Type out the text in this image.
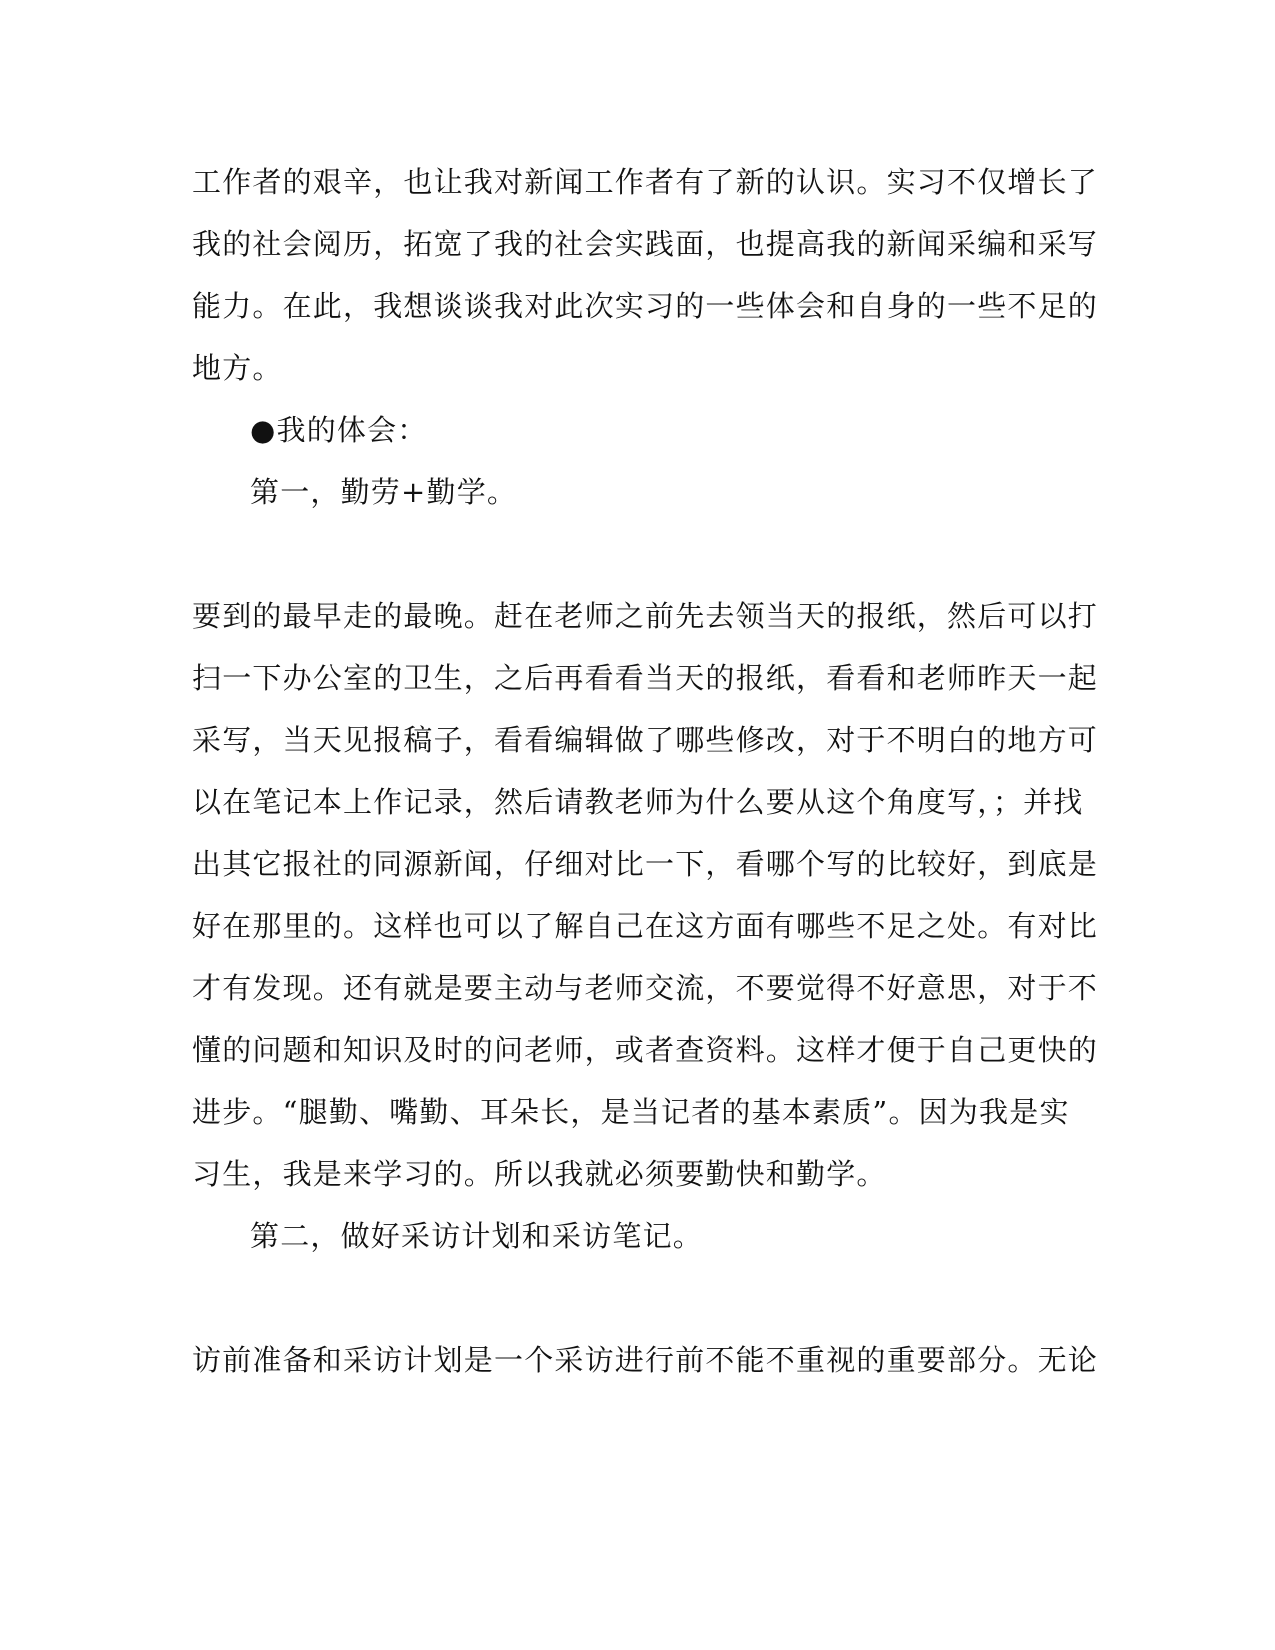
工作者的艰辛，也让我对新闻工作者有了新的认识。实习不仅增长了
我的社会阅历，拓宽了我的社会实践面，也提高我的新闻采编和采写
能力。在此，我想谈谈我对此次实习的一些体会和自身的一些不足的
地方。
●我的体会：
第一，勤劳+勤学。
要到的最早走的最晚。赶在老师之前先去领当天的报纸，然后可以打
扫一下办公室的卫生，之后再看看当天的报纸，看看和老师昨天一起
采写，当天见报稿子，看看编辑做了哪些修改，对于不明白的地方可
以在笔记本上作记录，然后请教老师为什么要从这个角度写，；并找
出其它报社的同源新闻，仔细对比一下，看哪个写的比较好，到底是
好在那里的。这样也可以了解自己在这方面有哪些不足之处。有对比
才有发现。还有就是要主动与老师交流，不要觉得不好意思，对于不
懂的问题和知识及时的问老师，或者查资料。这样才便于自己更快的
进步。“腿勤、嘴勤、耳朵长，是当记者的基本素质”。因为我是实
习生，我是来学习的。所以我就必须要勤快和勤学。
第二，做好采访计划和采访笔记。
访前准备和采访计划是一个采访进行前不能不重视的重要部分。无论
